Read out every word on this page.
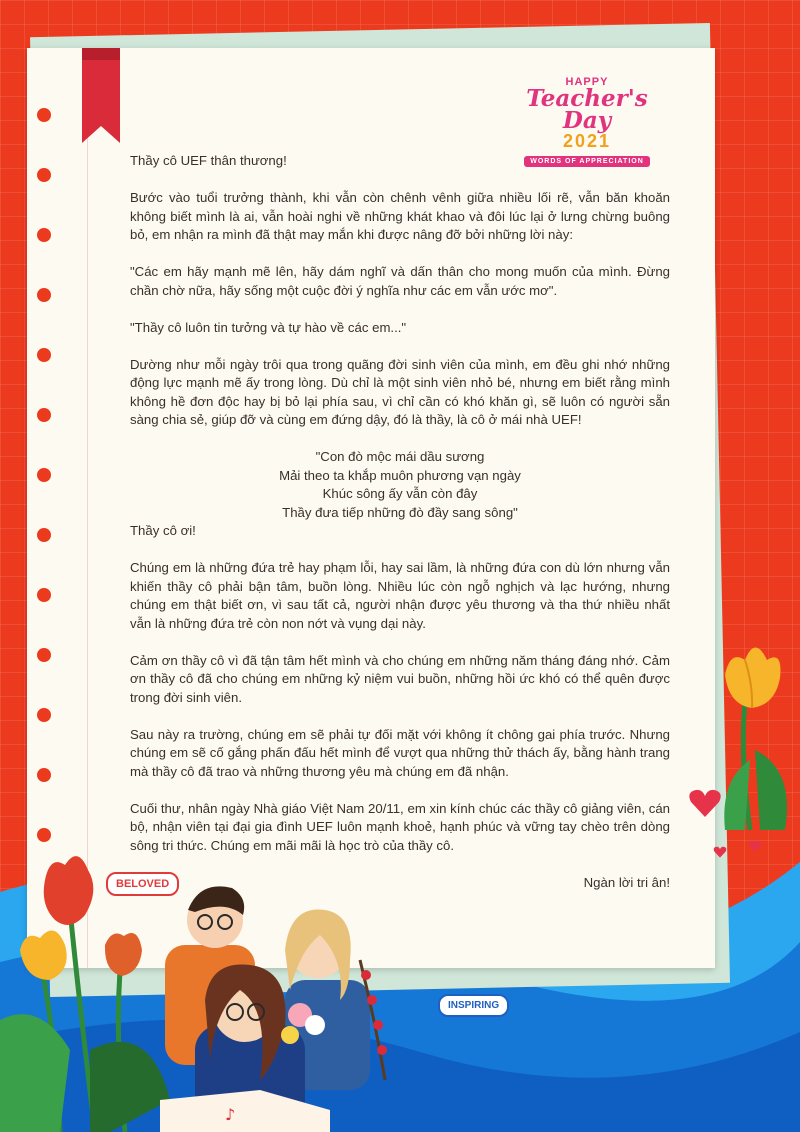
HAPPY
Teacher's Day
2021
WORDS OF APPRECIATION

Thầy cô UEF thân thương!

Bước vào tuổi trưởng thành, khi vẫn còn chênh vênh giữa nhiều lối rẽ, vẫn băn khoăn không biết mình là ai, vẫn hoài nghi về những khát khao và đôi lúc lại ở lưng chừng buông bỏ, em nhận ra mình đã thật may mắn khi được nâng đỡ bởi những lời này:

"Các em hãy mạnh mẽ lên, hãy dám nghĩ và dấn thân cho mong muốn của mình. Đừng chần chờ nữa, hãy sống một cuộc đời ý nghĩa như các em vẫn ước mơ".

"Thầy cô luôn tin tưởng và tự hào về các em..."

Dường như mỗi ngày trôi qua trong quãng đời sinh viên của mình, em đều ghi nhớ những động lực mạnh mẽ ấy trong lòng. Dù chỉ là một sinh viên nhỏ bé, nhưng em biết rằng mình không hề đơn độc hay bị bỏ lại phía sau, vì chỉ cần có khó khăn gì, sẽ luôn có người sẵn sàng chia sẻ, giúp đỡ và cùng em đứng dậy, đó là thầy, là cô ở mái nhà UEF!

"Con đò mộc mái dầu sương
Mải theo ta khắp muôn phương vạn ngày
Khúc sông ấy vẫn còn đây
Thầy đưa tiếp những đò đầy sang sông"

Thầy cô ơi!

Chúng em là những đứa trẻ hay phạm lỗi, hay sai lầm, là những đứa con dù lớn nhưng vẫn khiến thầy cô phải bận tâm, buồn lòng. Nhiều lúc còn ngỗ nghịch và lạc hướng, nhưng chúng em thật biết ơn, vì sau tất cả, người nhận được yêu thương và tha thứ nhiều nhất vẫn là những đứa trẻ còn non nớt và vụng dại này.

Cảm ơn thầy cô vì đã tận tâm hết mình và cho chúng em những năm tháng đáng nhớ. Cảm ơn thầy cô đã cho chúng em những kỷ niệm vui buồn, những hồi ức khó có thể quên được trong đời sinh viên.

Sau này ra trường, chúng em sẽ phải tự đối mặt với không ít chông gai phía trước. Nhưng chúng em sẽ cố gắng phấn đấu hết mình để vượt qua những thử thách ấy, bằng hành trang mà thầy cô đã trao và những thương yêu mà chúng em đã nhận.

Cuối thư, nhân ngày Nhà giáo Việt Nam 20/11, em xin kính chúc các thầy cô giảng viên, cán bộ, nhận viên tại đại gia đình UEF luôn mạnh khoẻ, hạnh phúc và vững tay chèo trên dòng sông tri thức. Chúng em mãi mãi là học trò của thầy cô.

Ngàn lời tri ân!

♪
BELOVED
INSPIRING
